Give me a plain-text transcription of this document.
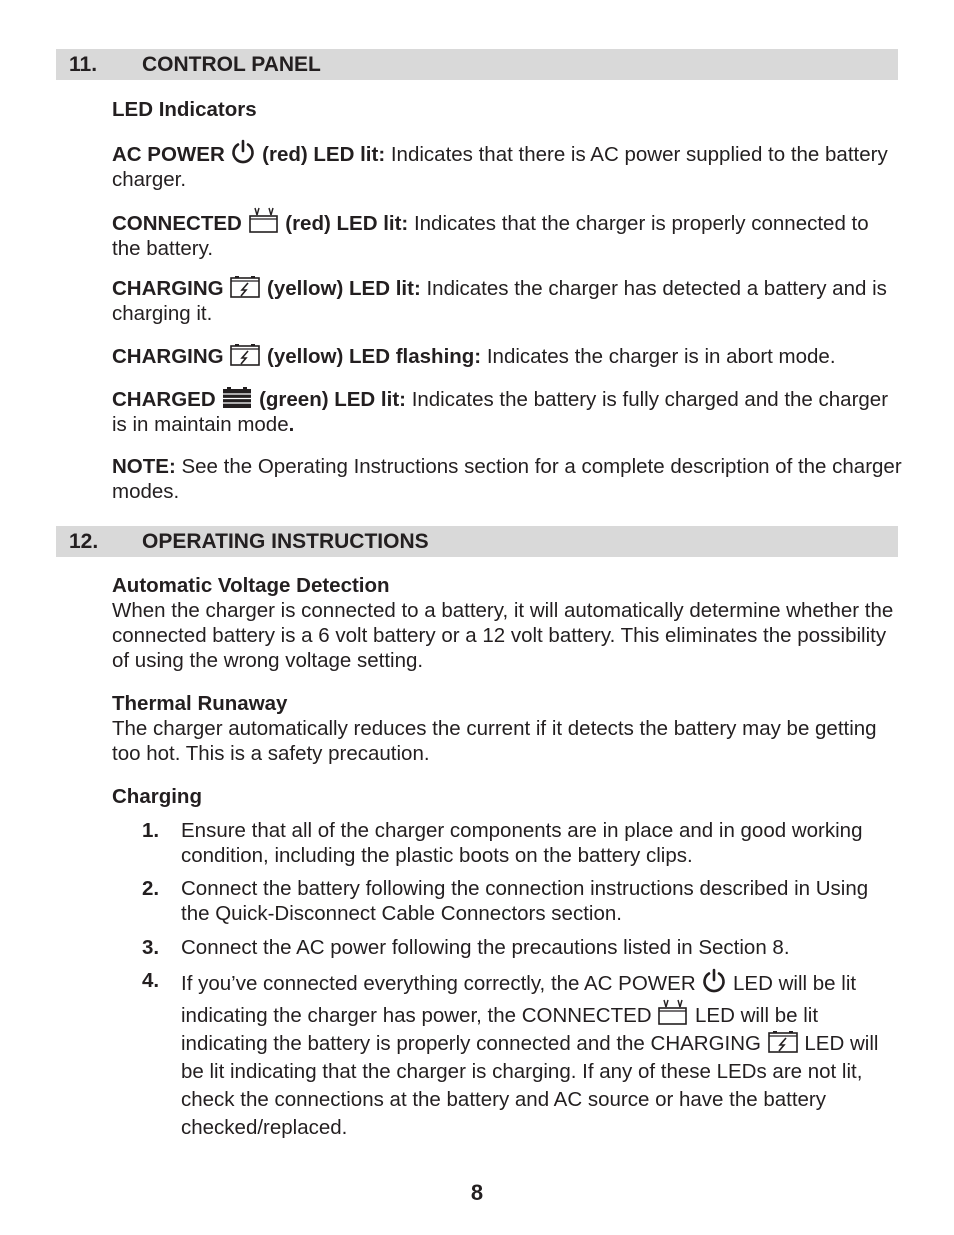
11. CONTROL PANEL
LED Indicators
AC POWER (red) LED lit: Indicates that there is AC power supplied to the battery charger.
CONNECTED (red) LED lit: Indicates that the charger is properly connected to the battery.
CHARGING (yellow) LED lit: Indicates the charger has detected a battery and is charging it.
CHARGING (yellow) LED flashing: Indicates the charger is in abort mode.
CHARGED (green) LED lit: Indicates the battery is fully charged and the charger is in maintain mode.
NOTE: See the Operating Instructions section for a complete description of the charger modes.
12. OPERATING INSTRUCTIONS
Automatic Voltage Detection
When the charger is connected to a battery, it will automatically determine whether the connected battery is a 6 volt battery or a 12 volt battery. This eliminates the possibility of using the wrong voltage setting.
Thermal Runaway
The charger automatically reduces the current if it detects the battery may be getting too hot. This is a safety precaution.
Charging
1. Ensure that all of the charger components are in place and in good working condition, including the plastic boots on the battery clips.
2. Connect the battery following the connection instructions described in Using the Quick-Disconnect Cable Connectors section.
3. Connect the AC power following the precautions listed in Section 8.
4. If you’ve connected everything correctly, the AC POWER LED will be lit indicating the charger has power, the CONNECTED LED will be lit indicating the battery is properly connected and the CHARGING LED will be lit indicating that the charger is charging. If any of these LEDs are not lit, check the connections at the battery and AC source or have the battery checked/replaced.
8
